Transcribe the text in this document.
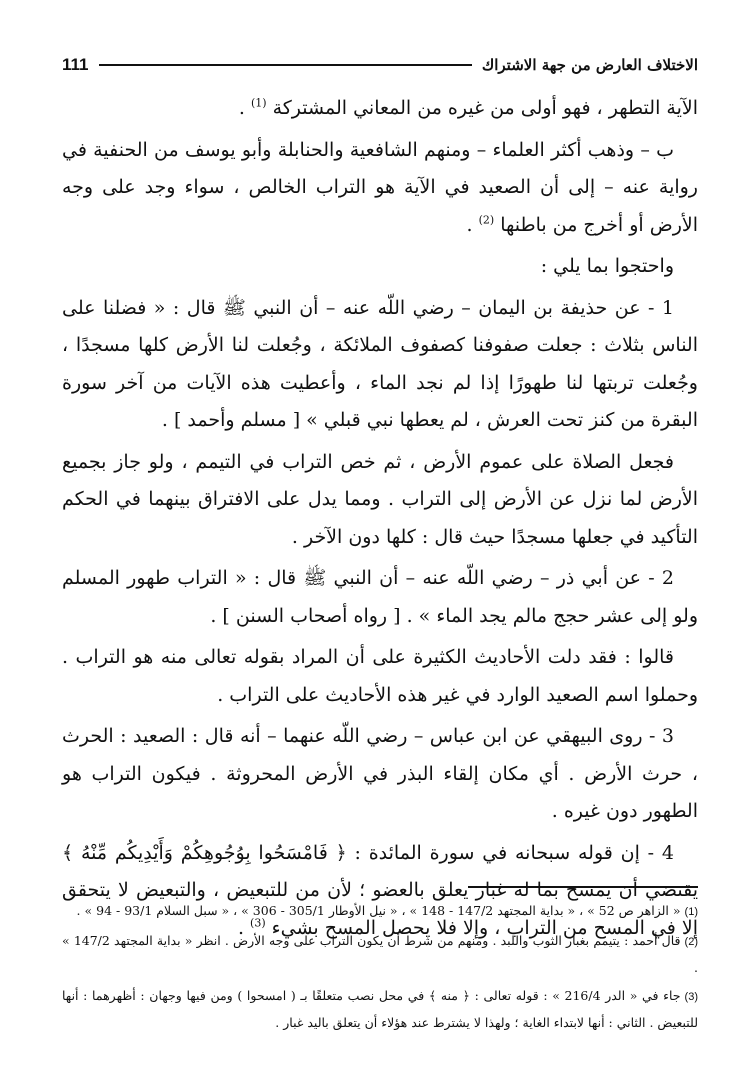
الاختلاف العارض من جهة الاشتراك
111

الآية التطهر ، فهو أولى من غيره من المعاني المشتركة $^{(1)}$ .

ب – وذهب أكثر العلماء – ومنهم الشافعية والحنابلة وأبو يوسف من الحنفية في رواية عنه – إلى أن الصعيد في الآية هو التراب الخالص ، سواء وجد على وجه الأرض أو أخرج من باطنها $^{(2)}$ .

واحتجوا بما يلي :

1 - عن حذيفة بن اليمان – رضي اللّه عنه – أن النبي ﷺ قال : « فضلنا على الناس بثلاث : جعلت صفوفنا كصفوف الملائكة ، وجُعلت لنا الأرض كلها مسجدًا ، وجُعلت تربتها لنا طهورًا إذا لم نجد الماء ، وأعطيت هذه الآيات من آخر سورة البقرة من كنز تحت العرش ، لم يعطها نبي قبلي » [ مسلم وأحمد ] .

فجعل الصلاة على عموم الأرض ، ثم خص التراب في التيمم ، ولو جاز بجميع الأرض لما نزل عن الأرض إلى التراب . ومما يدل على الافتراق بينهما في الحكم التأكيد في جعلها مسجدًا حيث قال : كلها دون الآخر .

2 - عن أبي ذر – رضي اللّه عنه – أن النبي ﷺ قال : « التراب طهور المسلم ولو إلى عشر حجج مالم يجد الماء » . [ رواه أصحاب السنن ] .

قالوا : فقد دلت الأحاديث الكثيرة على أن المراد بقوله تعالى منه هو التراب . وحملوا اسم الصعيد الوارد في غير هذه الأحاديث على التراب .

3 - روى البيهقي عن ابن عباس – رضي اللّه عنهما – أنه قال : الصعيد : الحرث ، حرث الأرض . أي مكان إلقاء البذر في الأرض المحروثة . فيكون التراب هو الطهور دون غيره .

4 - إن قوله سبحانه في سورة المائدة : ﴿ فَامْسَحُوا بِوُجُوهِكُمْ وَأَيْدِيكُم مِّنْهُ ﴾ يقتضي أن يمسح بما له غبار يعلق بالعضو ؛ لأن من للتبعيض ، والتبعيض لا يتحقق إلا في المسح من التراب ، وإلا فلا يحصل المسح بشيء $^{(3)}$ .

(1)« الزاهر ص 52 » ، « بداية المجتهد 147/2 - 148 » ، « نيل الأوطار 305/1 - 306 » ، « سبل السلام 93/1 - 94 » .

(2)قال أحمد : يتيمم بغبار الثوب واللبد . ومنهم من شرط أن يكون التراب على وجه الأرض . انظر « بداية المجتهد 147/2 » .

(3)جاء في « الدر 216/4 » : قوله تعالى : ﴿ منه ﴾ في محل نصب متعلقًا بـ ( امسحوا ) ومن فيها وجهان : أظهرهما : أنها للتبعيض . الثاني : أنها لابتداء الغاية ؛ ولهذا لا يشترط عند هؤلاء أن يتعلق باليد غبار .
